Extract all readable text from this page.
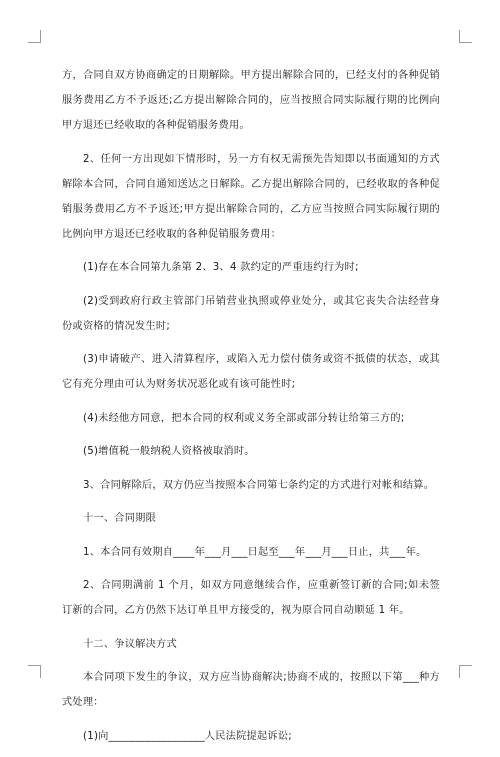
方，合同自双方协商确定的日期解除。甲方提出解除合同的，已经支付的各种促销服务费用乙方不予返还;乙方提出解除合同的，应当按照合同实际履行期的比例向甲方退还已经收取的各种促销服务费用。

2、任何一方出现如下情形时，另一方有权无需预先告知即以书面通知的方式解除本合同，合同自通知送达之日解除。乙方提出解除合同的，已经收取的各种促销服务费用乙方不予返还;甲方提出解除合同的，乙方应当按照合同实际履行期的比例向甲方退还已经收取的各种促销服务费用：

(1)存在本合同第九条第 2、3、4 款约定的严重违约行为时;

(2)受到政府行政主管部门吊销营业执照或停业处分，或其它丧失合法经营身份或资格的情况发生时;

(3)申请破产、进入清算程序，或陷入无力偿付债务或资不抵债的状态，或其它有充分理由可认为财务状况恶化或有该可能性时;

(4)未经他方同意，把本合同的权利或义务全部或部分转让给第三方的;

(5)增值税一般纳税人资格被取消时。

3、合同解除后，双方仍应当按照本合同第七条约定的方式进行对帐和结算。

十一、合同期限

1、本合同有效期自____年___月___日起至___年___月___日止，共___年。

2、合同期满前 1 个月，如双方同意继续合作，应重新签订新的合同;如未签订新的合同，乙方仍然下达订单且甲方接受的，视为原合同自动顺延 1 年。

十二、争议解决方式

本合同项下发生的争议，双方应当协商解决;协商不成的，按照以下第___种方式处理：

(1)向__________________人民法院提起诉讼;
